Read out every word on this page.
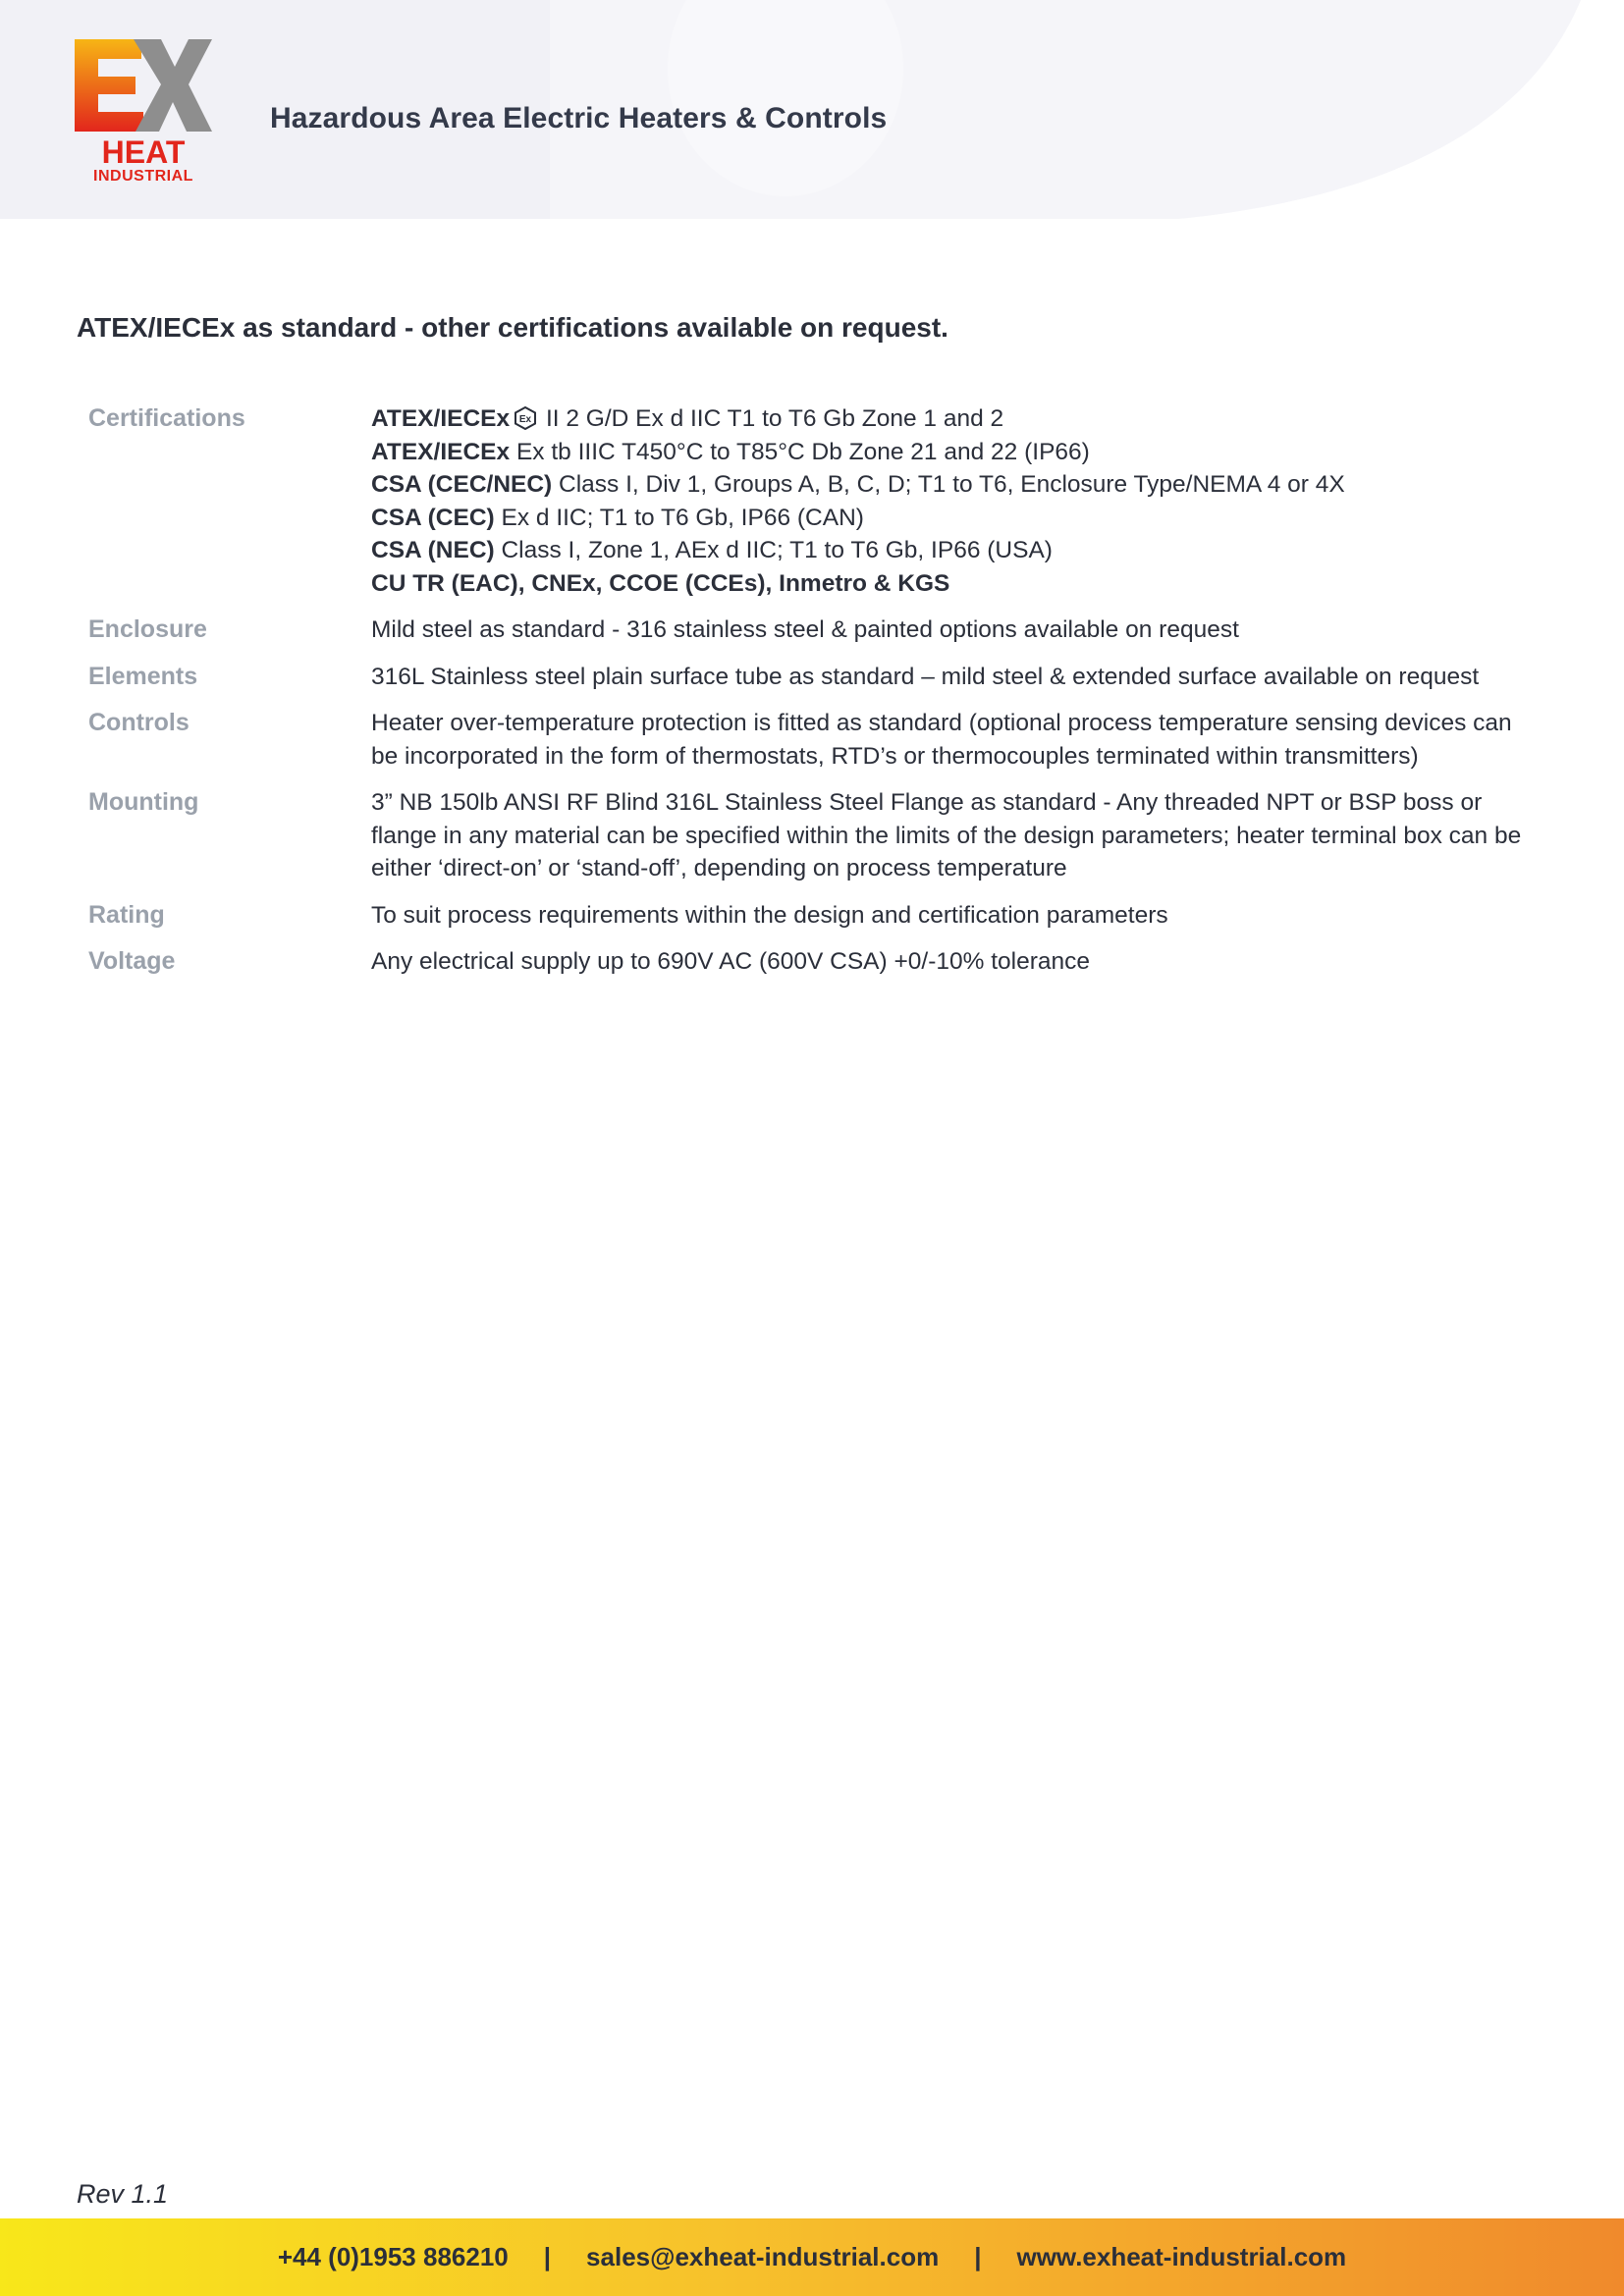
HEAT
INDUSTRIAL
Hazardous Area Electric Heaters & Controls
ATEX/IECEx as standard - other certifications available on request.
Certifications	ATEX/IECEx Ex II 2 G/D Ex d IIC T1 to T6 Gb Zone 1 and 2
ATEX/IECEx Ex tb IIIC T450°C to T85°C Db Zone 21 and 22 (IP66)
CSA (CEC/NEC) Class I, Div 1, Groups A, B, C, D; T1 to T6, Enclosure Type/NEMA 4 or 4X
CSA (CEC) Ex d IIC; T1 to T6 Gb, IP66 (CAN)
CSA (NEC) Class I, Zone 1, AEx d IIC; T1 to T6 Gb, IP66 (USA)
CU TR (EAC), CNEx, CCOE (CCEs), Inmetro & KGS
Enclosure	Mild steel as standard - 316 stainless steel & painted options available on request
Elements	316L Stainless steel plain surface tube as standard – mild steel & extended surface available on request
Controls	Heater over-temperature protection is fitted as standard (optional process temperature sensing devices can
be incorporated in the form of thermostats, RTD’s or thermocouples terminated within transmitters)
Mounting	3” NB 150lb ANSI RF Blind 316L Stainless Steel Flange as standard - Any threaded NPT or BSP boss or
flange in any material can be specified within the limits of the design parameters; heater terminal box can be
either ‘direct-on’ or ‘stand-off’, depending on process temperature
Rating	To suit process requirements within the design and certification parameters
Voltage	Any electrical supply up to 690V AC (600V CSA) +0/-10% tolerance
Rev 1.1
+44 (0)1953 886210 | sales@exheat-industrial.com | www.exheat-industrial.com
